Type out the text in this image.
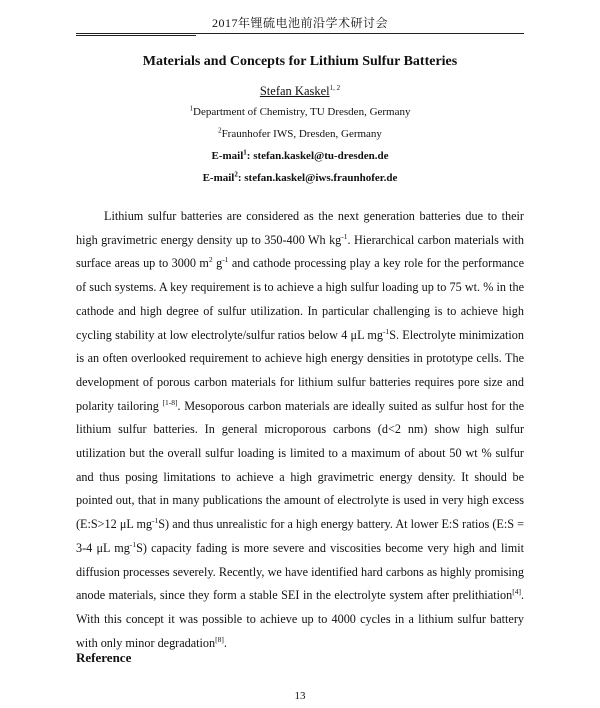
2017年锂硫电池前沿学术研讨会
Materials and Concepts for Lithium Sulfur Batteries
Stefan Kaskel$^{1, 2}$
$^1$Department of Chemistry, TU Dresden, Germany
$^2$Fraunhofer IWS, Dresden, Germany
E-mail$^1$: stefan.kaskel@tu-dresden.de
E-mail$^2$: stefan.kaskel@iws.fraunhofer.de

Lithium sulfur batteries are considered as the next generation batteries due to their high gravimetric energy density up to 350-400 Wh $kg^{-1}$. Hierarchical carbon materials with surface areas up to 3000 $m^2$ $g^{-1}$ and cathode processing play a key role for the performance of such systems. A key requirement is to achieve a high sulfur loading up to 75 wt. % in the cathode and high degree of sulfur utilization. In particular challenging is to achieve high cycling stability at low electrolyte/sulfur ratios below 4 μL $mg^{-1}S$. Electrolyte minimization is an often overlooked requirement to achieve high energy densities in prototype cells. The development of porous carbon materials for lithium sulfur batteries requires pore size and polarity tailoring [1-8]. Mesoporous carbon materials are ideally suited as sulfur host for the lithium sulfur batteries. In general microporous carbons (d<2 nm) show high sulfur utilization but the overall sulfur loading is limited to a maximum of about 50 wt % sulfur and thus posing limitations to achieve a high gravimetric energy density. It should be pointed out, that in many publications the amount of electrolyte is used in very high excess (E:S>12 μL $mg^{-1}S$) and thus unrealistic for a high energy battery. At lower E:S ratios (E:S = 3-4 μL $mg^{-1}S$) capacity fading is more severe and viscosities become very high and limit diffusion processes severely. Recently, we have identified hard carbons as highly promising anode materials, since they form a stable SEI in the electrolyte system after prelithiation[4]. With this concept it was possible to achieve up to 4000 cycles in a lithium sulfur battery with only minor degradation[8].

Reference
13
